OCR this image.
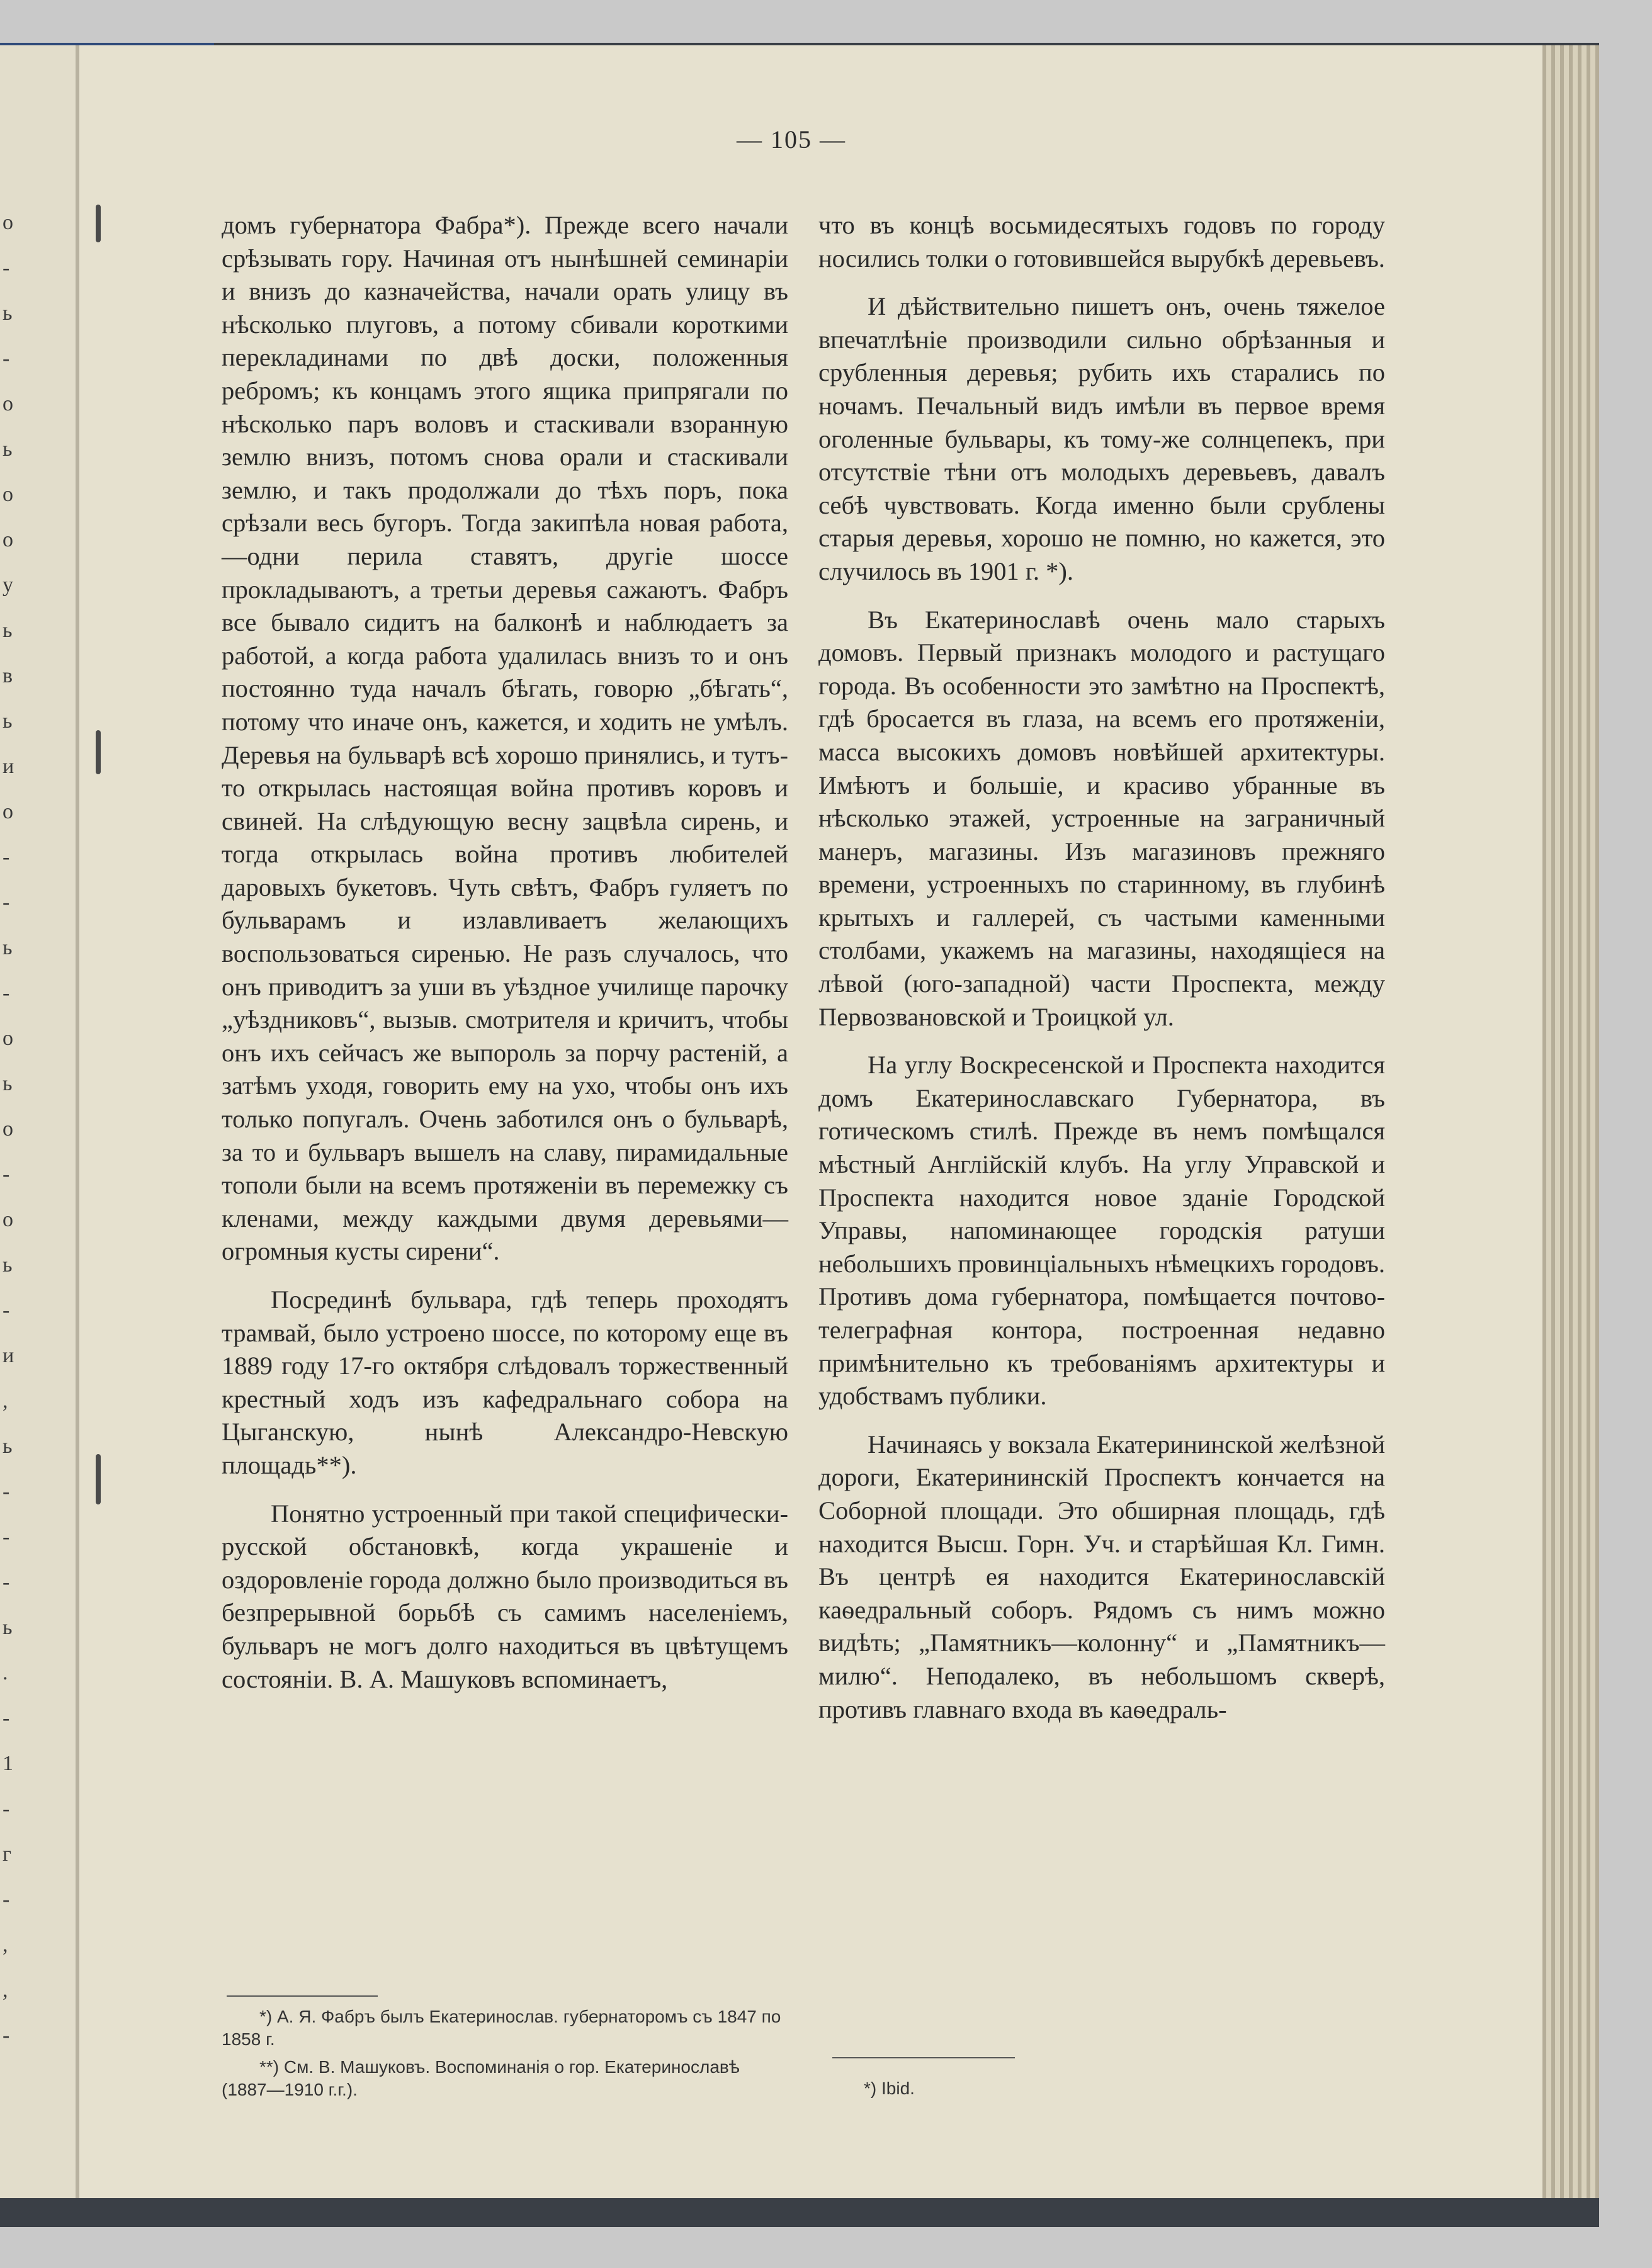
о
-
ь
-
о
ь
о
о
у
ь
в
ь
и
о
-
-
ь
-
о
ь
о
-
о
ь
-
и
,
ь
-
-
-
ь
.
-
1
-
г
-
,
,
-
— 105 —

домъ губернатора Фабра*). Прежде всего начали срѣзывать гору. Начиная отъ нынѣшней семинаріи и внизъ до казначейства, начали орать улицу въ нѣсколько плуговъ, а потому сбивали короткими перекладинами по двѣ доски, положенныя ребромъ; къ концамъ этого ящика припрягали по нѣсколько паръ воловъ и стаскивали взоранную землю внизъ, потомъ снова орали и стаскивали землю, и такъ продолжали до тѣхъ поръ, пока срѣзали весь бугоръ. Тогда закипѣла новая работа,—одни перила ставятъ, другіе шоссе прокладываютъ, а третьи деревья сажаютъ. Фабръ все бывало сидитъ на балконѣ и наблюдаетъ за работой, а когда работа удалилась внизъ то и онъ постоянно туда началъ бѣгать, говорю „бѣгать“, потому что иначе онъ, кажется, и ходить не умѣлъ. Деревья на бульварѣ всѣ хорошо принялись, и тутъ-то открылась настоящая война противъ коровъ и свиней. На слѣдующую весну зацвѣла сирень, и тогда открылась война противъ любителей даровыхъ букетовъ. Чуть свѣтъ, Фабръ гуляетъ по бульварамъ и излавливаетъ желающихъ воспользоваться сиренью. Не разъ случалось, что онъ приводитъ за уши въ уѣздное училище парочку „уѣздниковъ“, вызыв. смотрителя и кричитъ, чтобы онъ ихъ сейчасъ же выпороль за порчу растеній, а затѣмъ уходя, говорить ему на ухо, чтобы онъ ихъ только попугалъ. Очень заботился онъ о бульварѣ, за то и бульваръ вышелъ на славу, пирамидальные тополи были на всемъ протяженіи въ перемежку съ кленами, между каждыми двумя деревьями—огромныя кусты сирени“.

Посрединѣ бульвара, гдѣ теперь проходятъ трамвай, было устроено шоссе, по которому еще въ 1889 году 17-го октября слѣдовалъ торжественный крестный ходъ изъ кафедральнаго собора на Цыганскую, нынѣ Александро-Невскую площадь**).

Понятно устроенный при такой специфически-русской обстановкѣ, когда украшеніе и оздоровленіе города должно было производиться въ безпрерывной борьбѣ съ самимъ населеніемъ, бульваръ не могъ долго находиться въ цвѣтущемъ состояніи. В. А. Машуковъ вспоминаетъ,

*) А. Я. Фабръ былъ Екатеринослав. губернаторомъ съ 1847 по 1858 г.
**) См. В. Машуковъ. Воспоминанія о гор. Екатеринославѣ (1887—1910 г.г.).

что въ концѣ восьмидесятыхъ годовъ по городу носились толки о готовившейся вырубкѣ деревьевъ.

И дѣйствительно пишетъ онъ, очень тяжелое впечатлѣніе производили сильно обрѣзанныя и срубленныя деревья; рубить ихъ старались по ночамъ. Печальный видъ имѣли въ первое время оголенные бульвары, къ тому-же солнцепекъ, при отсутствіе тѣни отъ молодыхъ деревьевъ, давалъ себѣ чувствовать. Когда именно были срублены старыя деревья, хорошо не помню, но кажется, это случилось въ 1901 г. *).

Въ Екатеринославѣ очень мало старыхъ домовъ. Первый признакъ молодого и растущаго города. Въ особенности это замѣтно на Проспектѣ, гдѣ бросается въ глаза, на всемъ его протяженіи, масса высокихъ домовъ новѣйшей архитектуры. Имѣютъ и большіе, и красиво убранные въ нѣсколько этажей, устроенные на заграничный манеръ, магазины. Изъ магазиновъ прежняго времени, устроенныхъ по старинному, въ глубинѣ крытыхъ и галлерей, съ частыми каменными столбами, укажемъ на магазины, находящіеся на лѣвой (юго-западной) части Проспекта, между Первозвановской и Троицкой ул.

На углу Воскресенской и Проспекта находится домъ Екатеринославскаго Губернатора, въ готическомъ стилѣ. Прежде въ немъ помѣщался мѣстный Англійскій клубъ. На углу Управской и Проспекта находится новое зданіе Городской Управы, напоминающее городскія ратуши небольшихъ провинціальныхъ нѣмецкихъ городовъ. Противъ дома губернатора, помѣщается почтово-телеграфная контора, построенная недавно примѣнительно къ требованіямъ архитектуры и удобствамъ публики.

Начинаясь у вокзала Екатерининской желѣзной дороги, Екатерининскій Проспектъ кончается на Соборной площади. Это обширная площадь, гдѣ находится Высш. Горн. Уч. и старѣйшая Кл. Гимн. Въ центрѣ ея находится Екатеринославскій каѳедральный соборъ. Рядомъ съ нимъ можно видѣть; „Памятникъ—колонну“ и „Памятникъ—милю“. Неподалеко, въ небольшомъ скверѣ, противъ главнаго входа въ каѳедраль-

*) Ibid.
